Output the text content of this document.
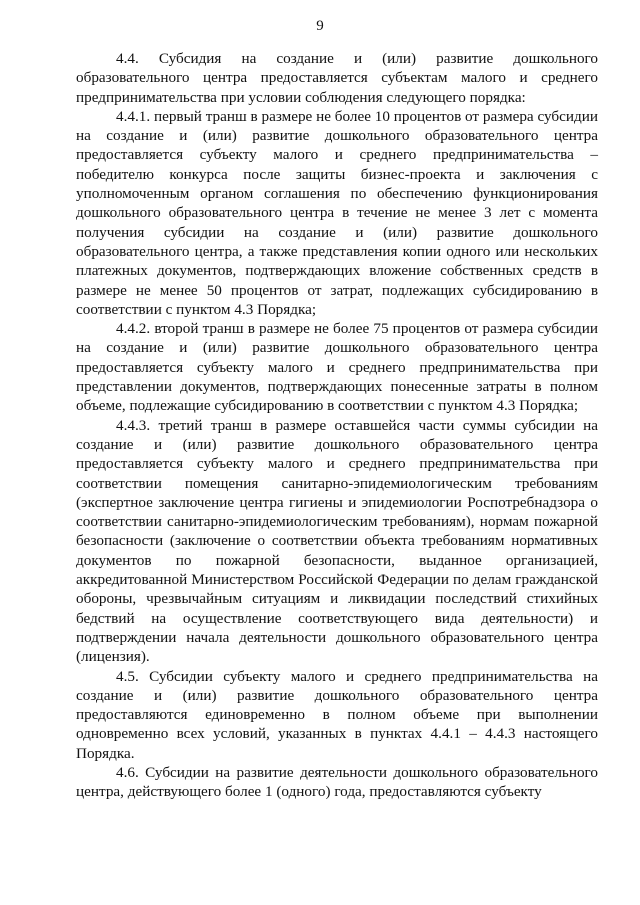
9

4.4. Субсидия на создание и (или) развитие дошкольного образовательного центра предоставляется субъектам малого и среднего предпринимательства при условии соблюдения следующего порядка:

4.4.1. первый транш в размере не более 10 процентов от размера субсидии на создание и (или) развитие дошкольного образовательного центра предоставляется субъекту малого и среднего предпринимательства – победителю конкурса после защиты бизнес-проекта и заключения с уполномоченным органом соглашения по обеспечению функционирования дошкольного образовательного центра в течение не менее 3 лет с момента получения субсидии на создание и (или) развитие дошкольного образовательного центра, а также представления копии одного или нескольких платежных документов, подтверждающих вложение собственных средств в размере не менее 50 процентов от затрат, подлежащих субсидированию в соответствии с пунктом 4.3 Порядка;

4.4.2. второй транш в размере не более 75 процентов от размера субсидии на создание и (или) развитие дошкольного образовательного центра предоставляется субъекту малого и среднего предпринимательства при представлении документов, подтверждающих понесенные затраты в полном объеме, подлежащие субсидированию в соответствии с пунктом 4.3 Порядка;

4.4.3. третий транш в размере оставшейся части суммы субсидии на создание и (или) развитие дошкольного образовательного центра предоставляется субъекту малого и среднего предпринимательства при соответствии помещения санитарно-эпидемиологическим требованиям (экспертное заключение центра гигиены и эпидемиологии Роспотребнадзора о соответствии санитарно-эпидемиологическим требованиям), нормам пожарной безопасности (заключение о соответствии объекта требованиям нормативных документов по пожарной безопасности, выданное организацией, аккредитованной Министерством Российской Федерации по делам гражданской обороны, чрезвычайным ситуациям и ликвидации последствий стихийных бедствий на осуществление соответствующего вида деятельности) и подтверждении начала деятельности дошкольного образовательного центра (лицензия).

4.5. Субсидии субъекту малого и среднего предпринимательства на создание и (или) развитие дошкольного образовательного центра предоставляются единовременно в полном объеме при выполнении одновременно всех условий, указанных в пунктах 4.4.1 – 4.4.3 настоящего Порядка.

4.6. Субсидии на развитие деятельности дошкольного образовательного центра, действующего более 1 (одного) года, предоставляются субъекту
